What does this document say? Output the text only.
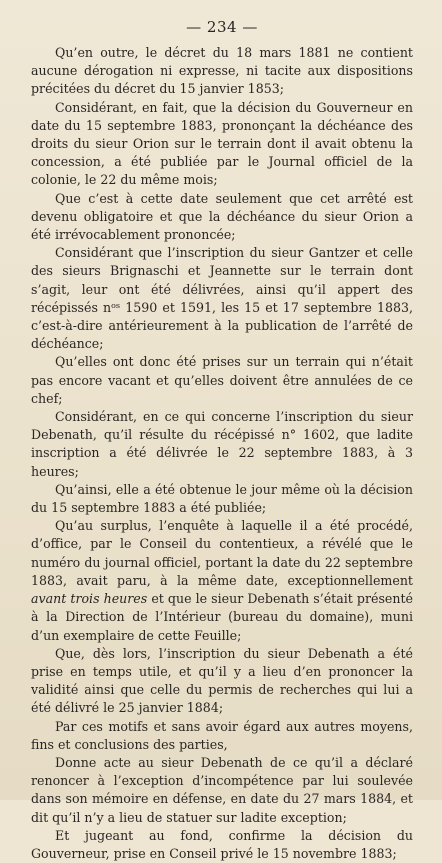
— 234 —

Qu’en outre, le décret du 18 mars 1881 ne contient aucune dérogation ni expresse, ni tacite aux dispositions précitées du décret du 15 janvier 1853;

Considérant, en fait, que la décision du Gouverneur en date du 15 septembre 1883, prononçant la déchéance des droits du sieur Orion sur le terrain dont il avait obtenu la concession, a été publiée par le Journal officiel de la colonie, le 22 du même mois;

Que c’est à cette date seulement que cet arrêté est devenu obligatoire et que la déchéance du sieur Orion a été irrévocablement prononcée;

Considérant que l’inscription du sieur Gantzer et celle des sieurs Brignaschi et Jeannette sur le terrain dont s’agit, leur ont été délivrées, ainsi qu’il appert des récépissés nᵒˢ 1590 et 1591, les 15 et 17 septembre 1883, c’est-à-dire antérieurement à la publication de l’arrêté de déchéance;

Qu’elles ont donc été prises sur un terrain qui n’était pas encore vacant et qu’elles doivent être annulées de ce chef;

Considérant, en ce qui concerne l’inscription du sieur Debenath, qu’il résulte du récépissé n° 1602, que ladite inscription a été délivrée le 22 septembre 1883, à 3 heures;

Qu’ainsi, elle a été obtenue le jour même où la décision du 15 septembre 1883 a été publiée;

Qu’au surplus, l’enquête à laquelle il a été procédé, d’office, par le Conseil du contentieux, a révélé que le numéro du journal officiel, portant la date du 22 septembre 1883, avait paru, à la même date, exceptionnellement avant trois heures et que le sieur Debenath s’était présenté à la Direction de l’Intérieur (bureau du domaine), muni d’un exemplaire de cette Feuille;

Que, dès lors, l’inscription du sieur Debenath a été prise en temps utile, et qu’il y a lieu d’en prononcer la validité ainsi que celle du permis de recherches qui lui a été délivré le 25 janvier 1884;

Par ces motifs et sans avoir égard aux autres moyens, fins et conclusions des parties,

Donne acte au sieur Debenath de ce qu’il a déclaré renoncer à l’exception d’incompétence par lui soulevée dans son mémoire en défense, en date du 27 mars 1884, et dit qu’il n’y a lieu de statuer sur ladite exception;

Et jugeant au fond, confirme la décision du Gouverneur, prise en Conseil privé le 15 novembre 1883;
